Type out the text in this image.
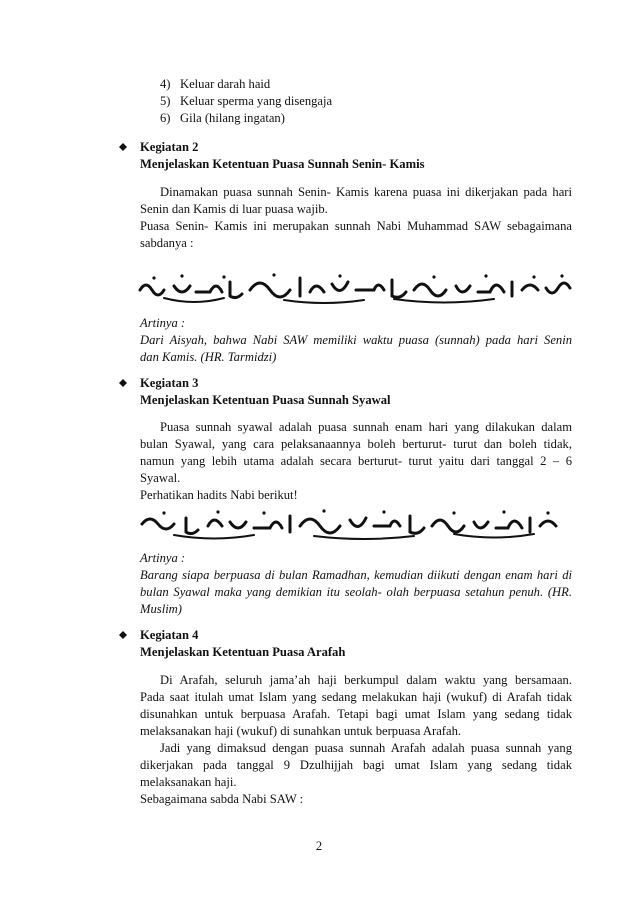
4) Keluar darah haid
5) Keluar sperma yang disengaja
6) Gila (hilang ingatan)
Kegiatan 2
Menjelaskan Ketentuan Puasa Sunnah Senin- Kamis
Dinamakan puasa sunnah Senin- Kamis karena puasa ini dikerjakan pada hari
Senin dan Kamis di luar puasa wajib.
Puasa Senin- Kamis ini merupakan sunnah Nabi Muhammad SAW sebagaimana
sabdanya :
Artinya :
Dari Aisyah, bahwa Nabi SAW memiliki waktu puasa (sunnah) pada hari Senin
dan Kamis. (HR. Tarmidzi)
Kegiatan 3
Menjelaskan Ketentuan Puasa Sunnah Syawal
Puasa sunnah syawal adalah puasa sunnah enam hari yang dilakukan dalam
bulan Syawal, yang cara pelaksanaannya boleh berturut- turut dan boleh tidak,
namun yang lebih utama adalah secara berturut- turut yaitu dari tanggal 2 – 6
Syawal.
Perhatikan hadits Nabi berikut!
Artinya :
Barang siapa berpuasa di bulan Ramadhan, kemudian diikuti dengan enam hari di
bulan Syawal maka yang demikian itu seolah- olah berpuasa setahun penuh. (HR.
Muslim)
Kegiatan 4
Menjelaskan Ketentuan Puasa Arafah
Di Arafah, seluruh jama’ah haji berkumpul dalam waktu yang bersamaan.
Pada saat itulah umat Islam yang sedang melakukan haji (wukuf) di Arafah tidak
disunahkan untuk berpuasa Arafah. Tetapi bagi umat Islam yang sedang tidak
melaksanakan haji (wukuf) di sunahkan untuk berpuasa Arafah.
Jadi yang dimaksud dengan puasa sunnah Arafah adalah puasa sunnah yang
dikerjakan pada tanggal 9 Dzulhijjah bagi umat Islam yang sedang tidak
melaksanakan haji.
Sebagaimana sabda Nabi SAW :
2
